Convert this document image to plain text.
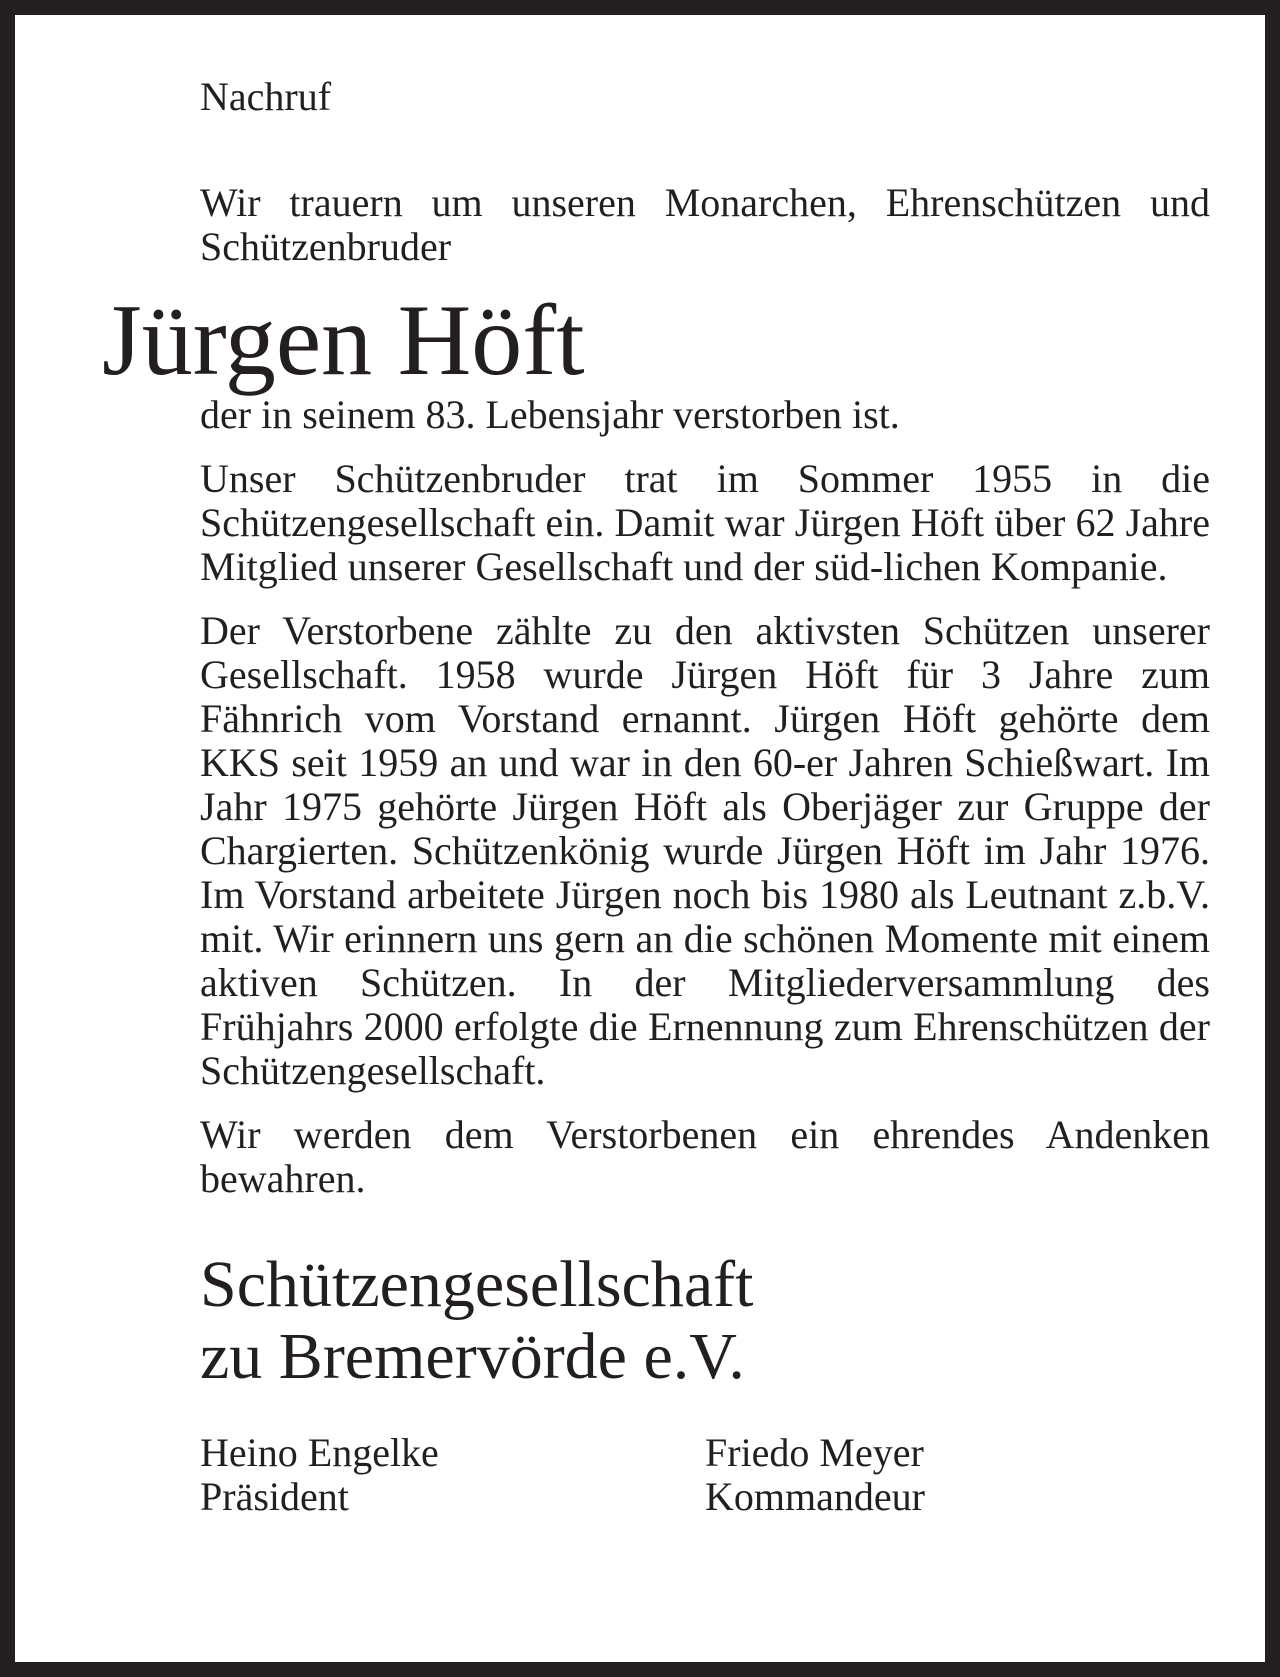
Nachruf

Wir trauern um unseren Monarchen, Ehrenschützen und Schützenbruder

Jürgen Höft

der in seinem 83. Lebensjahr verstorben ist.

Unser Schützenbruder trat im Sommer 1955 in die Schützengesellschaft ein. Damit war Jürgen Höft über 62 Jahre Mitglied unserer Gesellschaft und der süd-lichen Kompanie.

Der Verstorbene zählte zu den aktivsten Schützen unserer Gesellschaft. 1958 wurde Jürgen Höft für 3 Jahre zum Fähnrich vom Vorstand ernannt. Jürgen Höft gehörte dem KKS seit 1959 an und war in den 60-er Jahren Schießwart. Im Jahr 1975 gehörte Jürgen Höft als Oberjäger zur Gruppe der Chargierten. Schützenkönig wurde Jürgen Höft im Jahr 1976. Im Vorstand arbeitete Jürgen noch bis 1980 als Leutnant z.b.V. mit. Wir erinnern uns gern an die schönen Momente mit einem aktiven Schützen. In der Mitgliederversammlung des Frühjahrs 2000 erfolgte die Ernennung zum Ehrenschützen der Schützengesellschaft.

Wir werden dem Verstorbenen ein ehrendes Andenken bewahren.

Schützengesellschaft
zu Bremervörde e.V.
Heino Engelke
Präsident
Friedo Meyer
Kommandeur
